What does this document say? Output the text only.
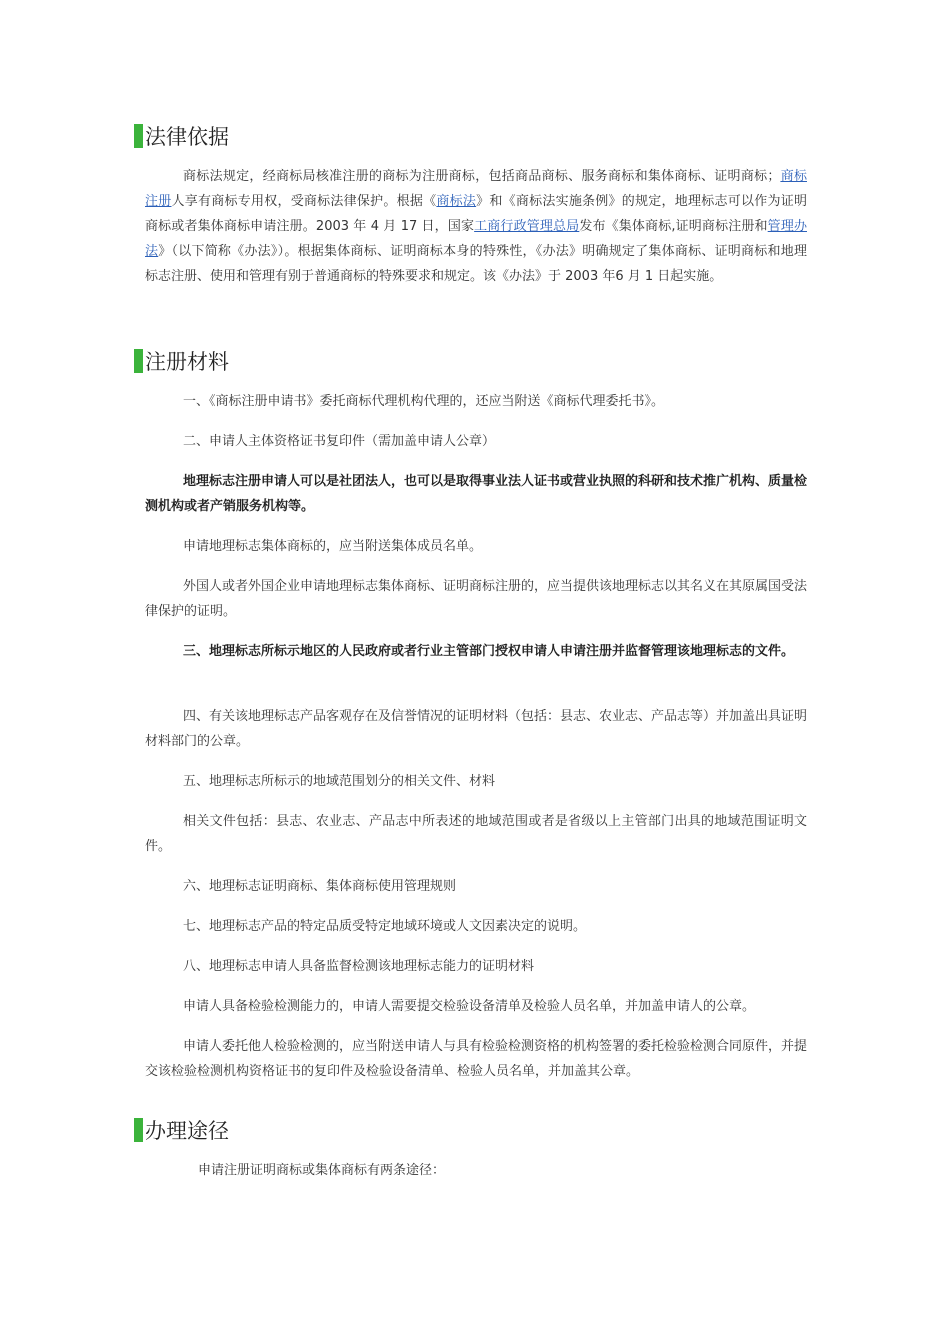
法律依据
商标法规定，经商标局核准注册的商标为注册商标，包括商品商标、服务商标和集体商标、证明商标；商标注册人享有商标专用权，受商标法律保护。根据《商标法》和《商标法实施条例》的规定，地理标志可以作为证明商标或者集体商标申请注册。2003 年 4 月 17 日，国家工商行政管理总局发布《集体商标,证明商标注册和管理办法》（以下简称《办法》）。根据集体商标、证明商标本身的特殊性，《办法》明确规定了集体商标、证明商标和地理标志注册、使用和管理有别于普通商标的特殊要求和规定。该《办法》于 2003 年6 月 1 日起实施。
注册材料
一、《商标注册申请书》委托商标代理机构代理的，还应当附送《商标代理委托书》。
二、申请人主体资格证书复印件（需加盖申请人公章）
地理标志注册申请人可以是社团法人，也可以是取得事业法人证书或营业执照的科研和技术推广机构、质量检测机构或者产销服务机构等。
申请地理标志集体商标的，应当附送集体成员名单。
外国人或者外国企业申请地理标志集体商标、证明商标注册的，应当提供该地理标志以其名义在其原属国受法律保护的证明。
三、地理标志所标示地区的人民政府或者行业主管部门授权申请人申请注册并监督管理该地理标志的文件。
四、有关该地理标志产品客观存在及信誉情况的证明材料（包括：县志、农业志、产品志等）并加盖出具证明材料部门的公章。
五、地理标志所标示的地域范围划分的相关文件、材料
相关文件包括：县志、农业志、产品志中所表述的地域范围或者是省级以上主管部门出具的地域范围证明文件。
六、地理标志证明商标、集体商标使用管理规则
七、地理标志产品的特定品质受特定地域环境或人文因素决定的说明。
八、地理标志申请人具备监督检测该地理标志能力的证明材料
申请人具备检验检测能力的，申请人需要提交检验设备清单及检验人员名单，并加盖申请人的公章。
申请人委托他人检验检测的，应当附送申请人与具有检验检测资格的机构签署的委托检验检测合同原件，并提交该检验检测机构资格证书的复印件及检验设备清单、检验人员名单，并加盖其公章。
办理途径
申请注册证明商标或集体商标有两条途径：
